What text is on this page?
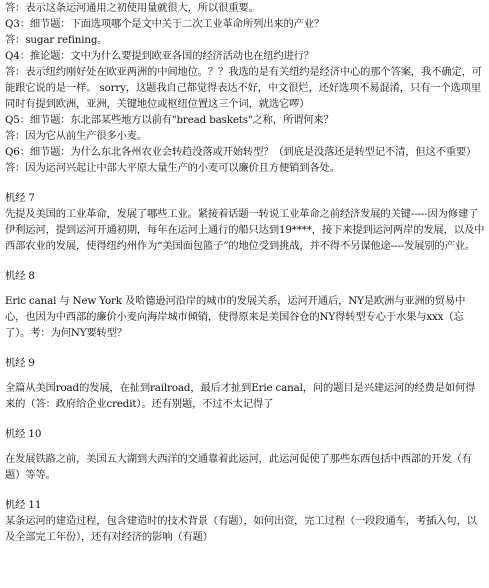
答：表示这条运河通用之初使用量就很大，所以很重要。

Q3：细节题：下面选项哪个是文中关于二次工业革命所列出来的产业？

答：sugar refining。

Q4：推论题：文中为什么要提到欧亚各国的经济活动也在纽约进行？

答：表示纽约刚好处在欧亚两洲的中间地位。？？我选的是有关纽约是经济中心的那个答案，我不确定，可能跟它说的是一样。 sorry，这题我自己都觉得表达不好，中文很烂，还好选项不易混淆，只有一个选项里同时有提到欧洲，亚洲，关键地位或枢纽位置这三个词，就选它啰）

Q5：细节题：东北部某些地方以前有"bread baskets"之称，所谓何来？

答：因为它从前生产很多小麦。

Q6：细节题：为什么东北各州农业会转趋没落或开始转型？（到底是没落还是转型记不清，但这不重要）

答：因为运河兴起让中部大平原大量生产的小麦可以廉价且方便销到各处。

机经 7

先提及美国的工业革命，发展了哪些工业。紧接着话题一转说工业革命之前经济发展的关键-----因为修建了伊利运河，提到运河开通初期，每年在运河上通行的船只达到19****，接下来提到运河两岸的发展，以及中西部农业的发展，使得纽约州作为“美国面包篮子”的地位受到挑战，并不得不另谋他途----发展别的产业。

机经 8

Eric canal 与 New York 及哈德逊河沿岸的城市的发展关系，运河开通后，NY是欧洲与亚洲的贸易中心，也因为中西部的廉价小麦向海岸城市倾销，使得原来是美国谷仓的NY得转型专心于水果与xxx（忘了）。考：为何NY要转型？

机经 9

全篇从美国road的发展，在扯到railroad，最后才扯到Erie canal，问的题目是兴建运河的经费是如何得来的（答：政府给企业credit）。还有别题，不过不太记得了

机经 10

在发展铁路之前，美国五大湖到大西洋的交通靠着此运河，此运河促使了那些东西包括中西部的开发（有题）等等。

机经 11

某条运河的建造过程，包含建造时的技术背景（有题），如何出资，完工过程（一段段通车，考插入句，以及全部完工年份），还有对经济的影响（有题）
